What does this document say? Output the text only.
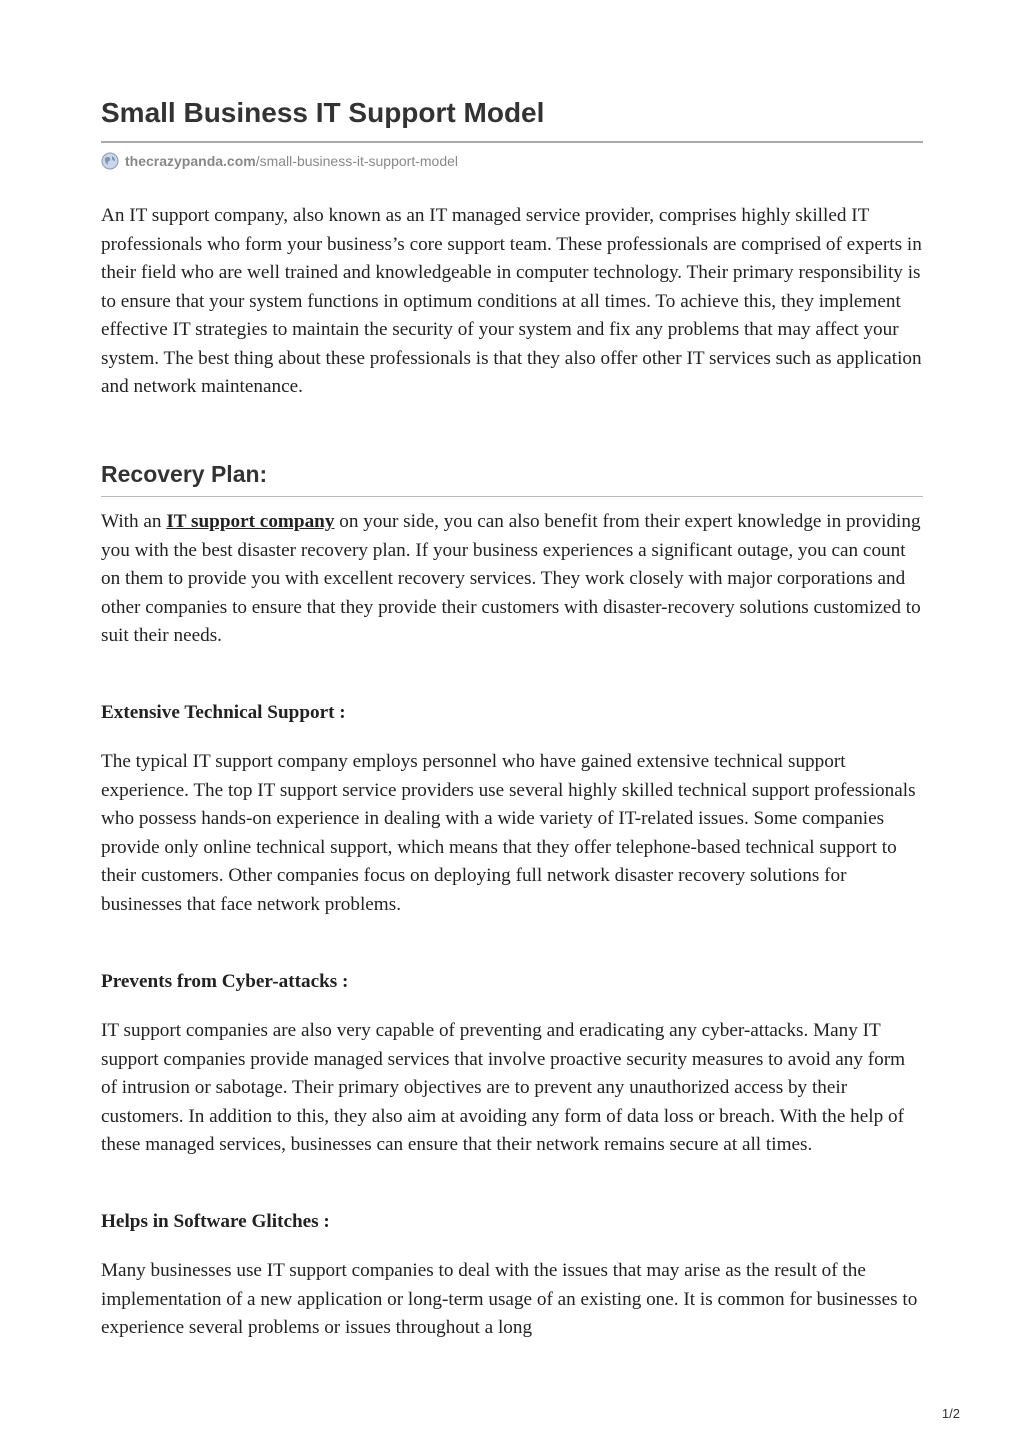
Small Business IT Support Model
thecrazypanda.com /small-business-it-support-model

An IT support company, also known as an IT managed service provider, comprises highly skilled IT professionals who form your business’s core support team. These professionals are comprised of experts in their field who are well trained and knowledgeable in computer technology. Their primary responsibility is to ensure that your system functions in optimum conditions at all times. To achieve this, they implement effective IT strategies to maintain the security of your system and fix any problems that may affect your system. The best thing about these professionals is that they also offer other IT services such as application and network maintenance.

Recovery Plan:

With an IT support company on your side, you can also benefit from their expert knowledge in providing you with the best disaster recovery plan. If your business experiences a significant outage, you can count on them to provide you with excellent recovery services. They work closely with major corporations and other companies to ensure that they provide their customers with disaster-recovery solutions customized to suit their needs.

Extensive Technical Support :

The typical IT support company employs personnel who have gained extensive technical support experience. The top IT support service providers use several highly skilled technical support professionals who possess hands-on experience in dealing with a wide variety of IT-related issues. Some companies provide only online technical support, which means that they offer telephone-based technical support to their customers. Other companies focus on deploying full network disaster recovery solutions for businesses that face network problems.

Prevents from Cyber-attacks :

IT support companies are also very capable of preventing and eradicating any cyber-attacks. Many IT support companies provide managed services that involve proactive security measures to avoid any form of intrusion or sabotage. Their primary objectives are to prevent any unauthorized access by their customers. In addition to this, they also aim at avoiding any form of data loss or breach. With the help of these managed services, businesses can ensure that their network remains secure at all times.

Helps in Software Glitches :

Many businesses use IT support companies to deal with the issues that may arise as the result of the implementation of a new application or long-term usage of an existing one. It is common for businesses to experience several problems or issues throughout a long

1/2
